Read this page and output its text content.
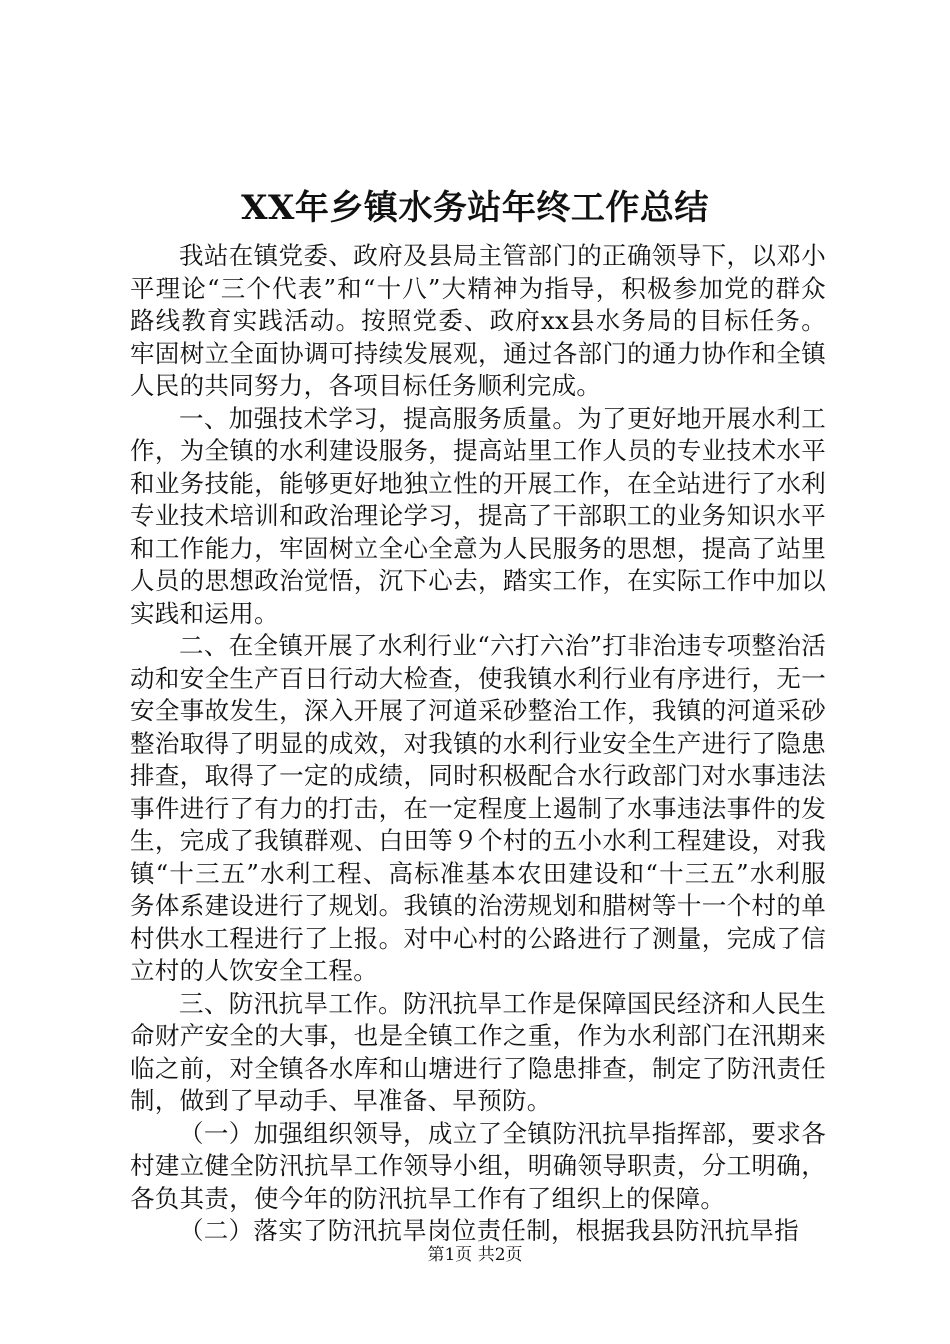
XX年乡镇水务站年终工作总结

我站在镇党委、政府及县局主管部门的正确领导下，以邓小平理论“三个代表”和“十八”大精神为指导，积极参加党的群众路线教育实践活动。按照党委、政府xx县水务局的目标任务。牢固树立全面协调可持续发展观，通过各部门的通力协作和全镇人民的共同努力，各项目标任务顺利完成。

一、加强技术学习，提高服务质量。为了更好地开展水利工作，为全镇的水利建设服务，提高站里工作人员的专业技术水平和业务技能，能够更好地独立性的开展工作，在全站进行了水利专业技术培训和政治理论学习，提高了干部职工的业务知识水平和工作能力，牢固树立全心全意为人民服务的思想，提高了站里人员的思想政治觉悟，沉下心去，踏实工作，在实际工作中加以实践和运用。

二、在全镇开展了水利行业“六打六治”打非治违专项整治活动和安全生产百日行动大检查，使我镇水利行业有序进行，无一安全事故发生，深入开展了河道采砂整治工作，我镇的河道采砂整治取得了明显的成效，对我镇的水利行业安全生产进行了隐患排查，取得了一定的成绩，同时积极配合水行政部门对水事违法事件进行了有力的打击，在一定程度上遏制了水事违法事件的发生，完成了我镇群观、白田等９个村的五小水利工程建设，对我镇“十三五”水利工程、高标准基本农田建设和“十三五”水利服务体系建设进行了规划。我镇的治涝规划和腊树等十一个村的单村供水工程进行了上报。对中心村的公路进行了测量，完成了信立村的人饮安全工程。

三、防汛抗旱工作。防汛抗旱工作是保障国民经济和人民生命财产安全的大事，也是全镇工作之重，作为水利部门在汛期来临之前，对全镇各水库和山塘进行了隐患排查，制定了防汛责任制，做到了早动手、早准备、早预防。

（一）加强组织领导，成立了全镇防汛抗旱指挥部，要求各村建立健全防汛抗旱工作领导小组，明确领导职责，分工明确，各负其责，使今年的防汛抗旱工作有了组织上的保障。

（二）落实了防汛抗旱岗位责任制，根据我县防汛抗旱指

第1页 共2页
